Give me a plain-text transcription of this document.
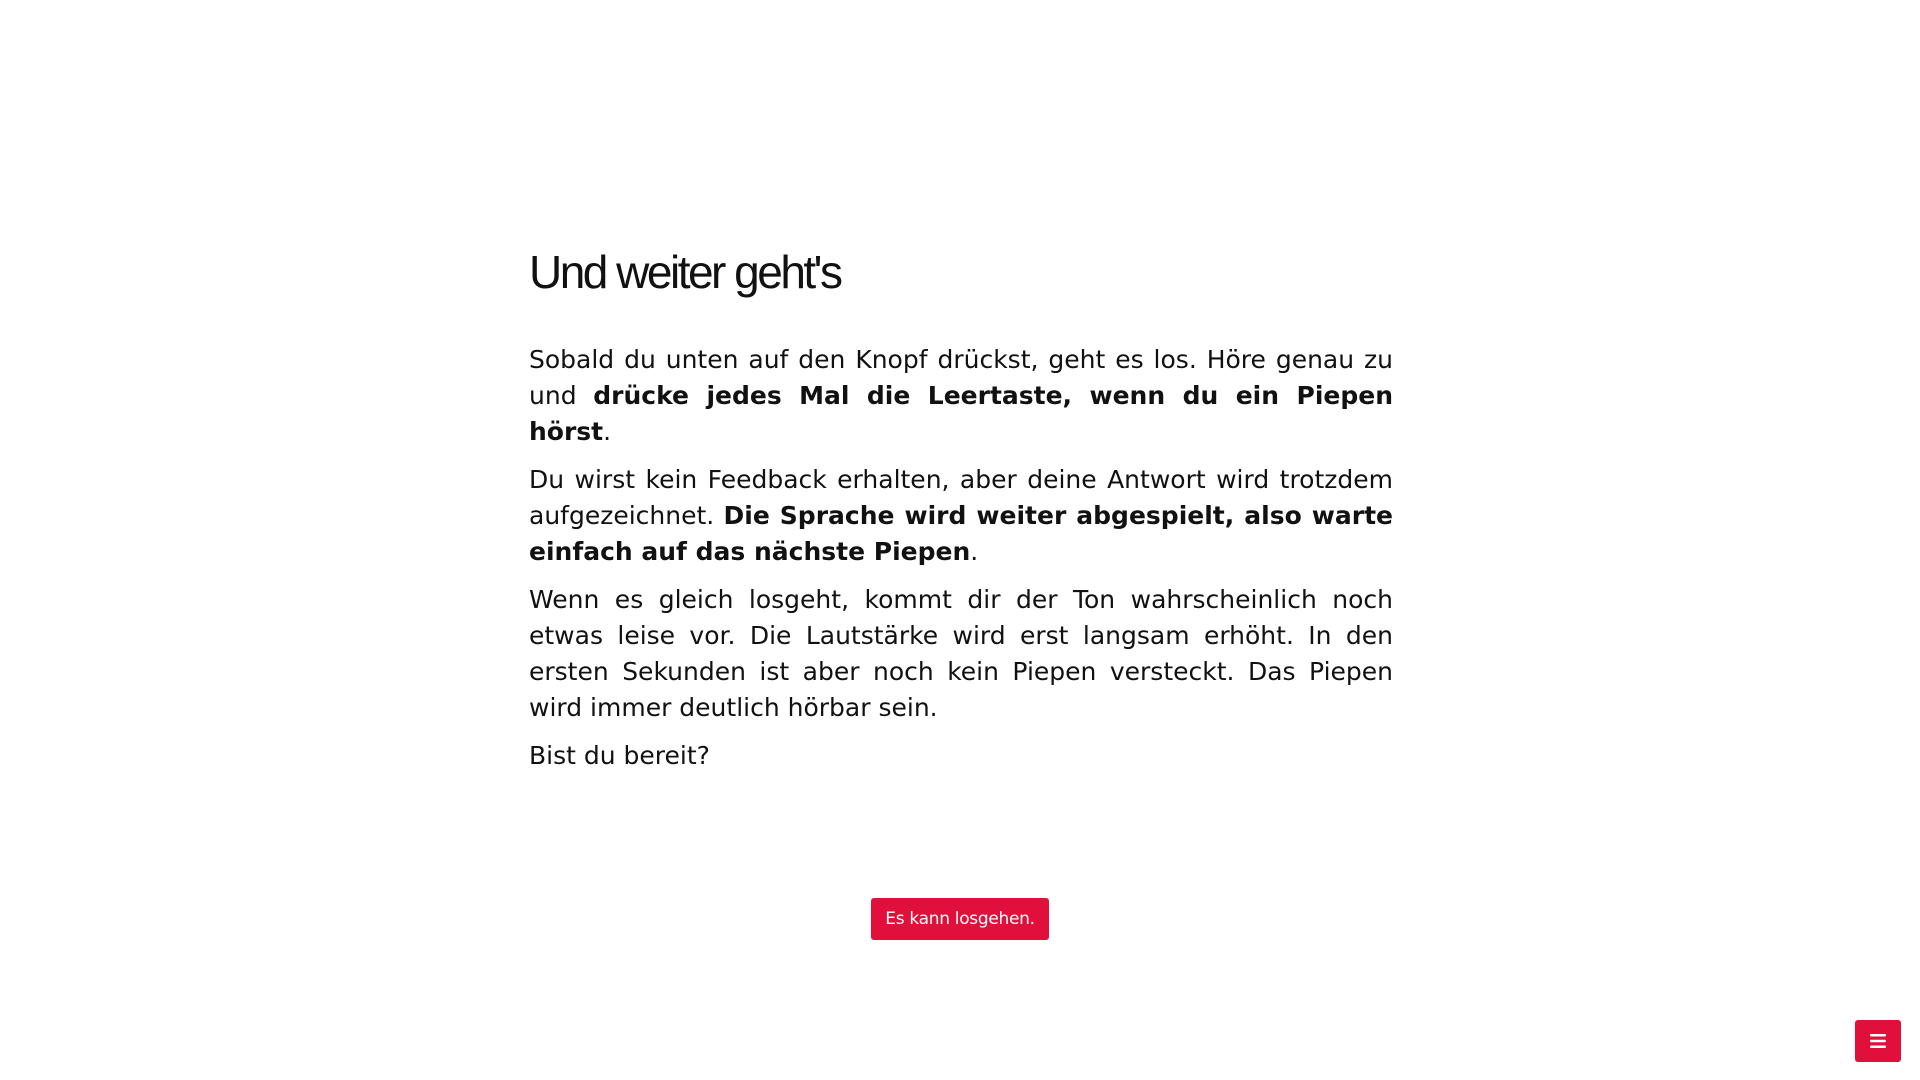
Und weiter geht's

Sobald du unten auf den Knopf drückst, geht es los. Höre genau zu und drücke jedes Mal die Leertaste, wenn du ein Piepen hörst.

Du wirst kein Feedback erhalten, aber deine Antwort wird trotzdem aufgezeichnet. Die Sprache wird weiter abgespielt, also warte einfach auf das nächste Piepen.

Wenn es gleich losgeht, kommt dir der Ton wahrscheinlich noch etwas leise vor. Die Lautstärke wird erst langsam erhöht. In den ersten Sekunden ist aber noch kein Piepen versteckt. Das Piepen wird immer deutlich hörbar sein.

Bist du bereit?

Es kann losgehen.
